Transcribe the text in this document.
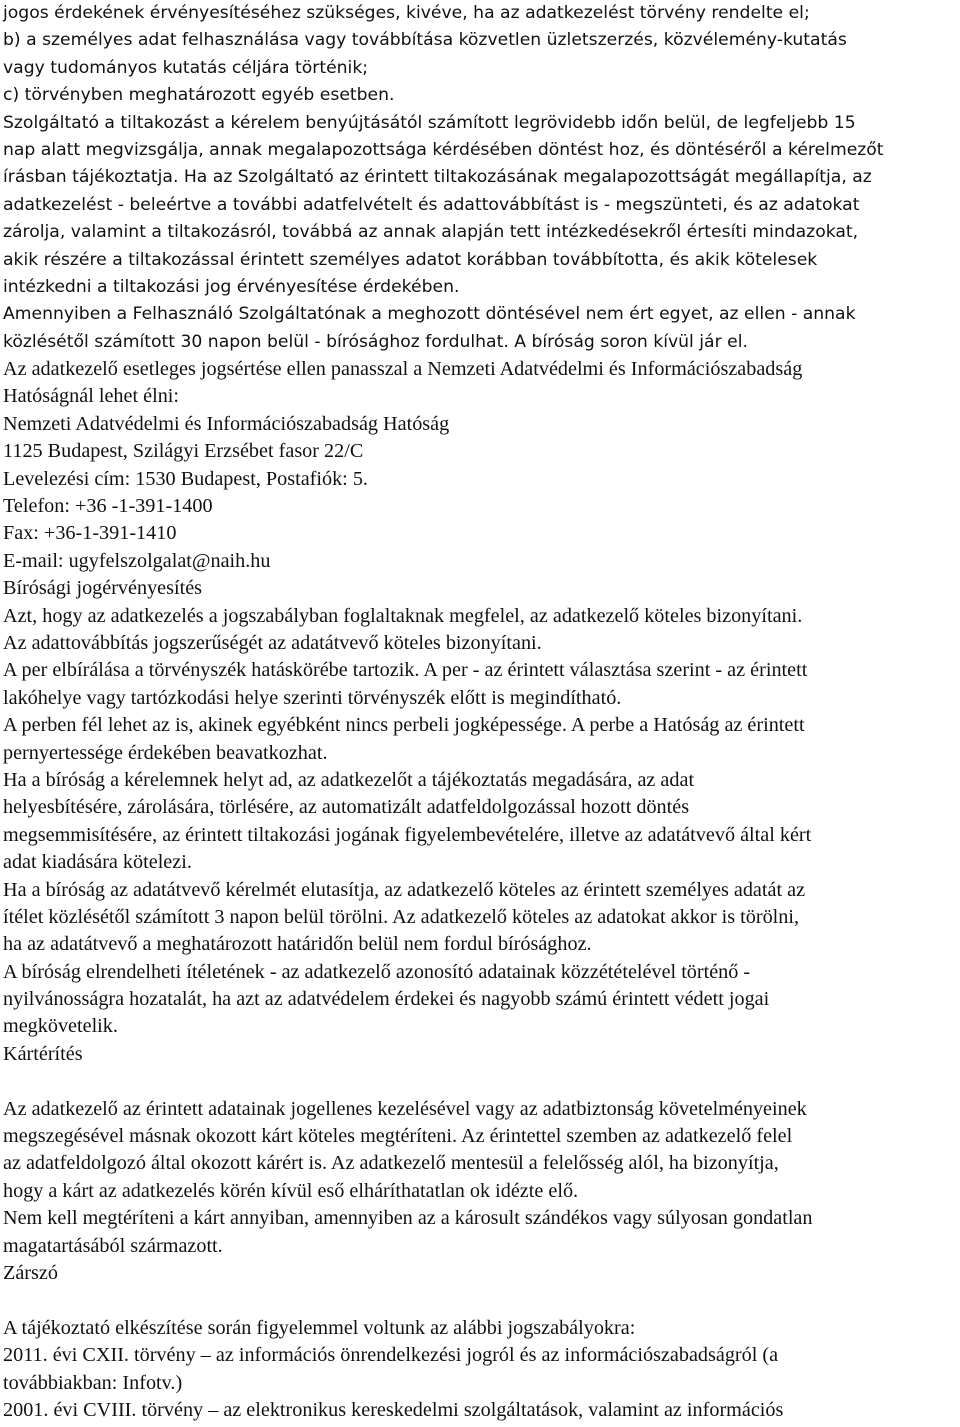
jogos érdekének érvényesítéséhez szükséges, kivéve, ha az adatkezelést törvény rendelte el;
b) a személyes adat felhasználása vagy továbbítása közvetlen üzletszerzés, közvélemény-kutatás
vagy tudományos kutatás céljára történik;
c) törvényben meghatározott egyéb esetben.
Szolgáltató a tiltakozást a kérelem benyújtásától számított legrövidebb időn belül, de legfeljebb 15
nap alatt megvizsgálja, annak megalapozottsága kérdésében döntést hoz, és döntéséről a kérelmezőt
írásban tájékoztatja. Ha az Szolgáltató az érintett tiltakozásának megalapozottságát megállapítja, az
adatkezelést - beleértve a további adatfelvételt és adattovábbítást is - megszünteti, és az adatokat
zárolja, valamint a tiltakozásról, továbbá az annak alapján tett intézkedésekről értesíti mindazokat,
akik részére a tiltakozással érintett személyes adatot korábban továbbította, és akik kötelesek
intézkedni a tiltakozási jog érvényesítése érdekében.
Amennyiben a Felhasználó Szolgáltatónak a meghozott döntésével nem ért egyet, az ellen - annak
közlésétől számított 30 napon belül - bírósághoz fordulhat. A bíróság soron kívül jár el.
Az adatkezelő esetleges jogsértése ellen panasszal a Nemzeti Adatvédelmi és Információszabadság
Hatóságnál lehet élni:
Nemzeti Adatvédelmi és Információszabadság Hatóság
1125 Budapest, Szilágyi Erzsébet fasor 22/C
Levelezési cím: 1530 Budapest, Postafiók: 5.
Telefon: +36 -1-391-1400
Fax: +36-1-391-1410
E-mail: ugyfelszolgalat@naih.hu
Bírósági jogérvényesítés
Azt, hogy az adatkezelés a jogszabályban foglaltaknak megfelel, az adatkezelő köteles bizonyítani.
Az adattovábbítás jogszerűségét az adatátvevő köteles bizonyítani.
A per elbírálása a törvényszék hatáskörébe tartozik. A per - az érintett választása szerint - az érintett
lakóhelye vagy tartózkodási helye szerinti törvényszék előtt is megindítható.
A perben fél lehet az is, akinek egyébként nincs perbeli jogképessége. A perbe a Hatóság az érintett
pernyertessége érdekében beavatkozhat.
Ha a bíróság a kérelemnek helyt ad, az adatkezelőt a tájékoztatás megadására, az adat
helyesbítésére, zárolására, törlésére, az automatizált adatfeldolgozással hozott döntés
megsemmisítésére, az érintett tiltakozási jogának figyelembevételére, illetve az adatátvevő által kért
adat kiadására kötelezi.
Ha a bíróság az adatátvevő kérelmét elutasítja, az adatkezelő köteles az érintett személyes adatát az
ítélet közlésétől számított 3 napon belül törölni. Az adatkezelő köteles az adatokat akkor is törölni,
ha az adatátvevő a meghatározott határidőn belül nem fordul bírósághoz.
A bíróság elrendelheti ítéletének - az adatkezelő azonosító adatainak közzétételével történő -
nyilvánosságra hozatalát, ha azt az adatvédelem érdekei és nagyobb számú érintett védett jogai
megkövetelik.
Kártérítés
Az adatkezelő az érintett adatainak jogellenes kezelésével vagy az adatbiztonság követelményeinek
megszegésével másnak okozott kárt köteles megtéríteni. Az érintettel szemben az adatkezelő felel
az adatfeldolgozó által okozott kárért is. Az adatkezelő mentesül a felelősség alól, ha bizonyítja,
hogy a kárt az adatkezelés körén kívül eső elháríthatatlan ok idézte elő.
Nem kell megtéríteni a kárt annyiban, amennyiben az a károsult szándékos vagy súlyosan gondatlan
magatartásából származott.
Zárszó
A tájékoztató elkészítése során figyelemmel voltunk az alábbi jogszabályokra:
2011. évi CXII. törvény – az információs önrendelkezési jogról és az információszabadságról (a
továbbiakban: Infotv.)
2001. évi CVIII. törvény – az elektronikus kereskedelmi szolgáltatások, valamint az információs
